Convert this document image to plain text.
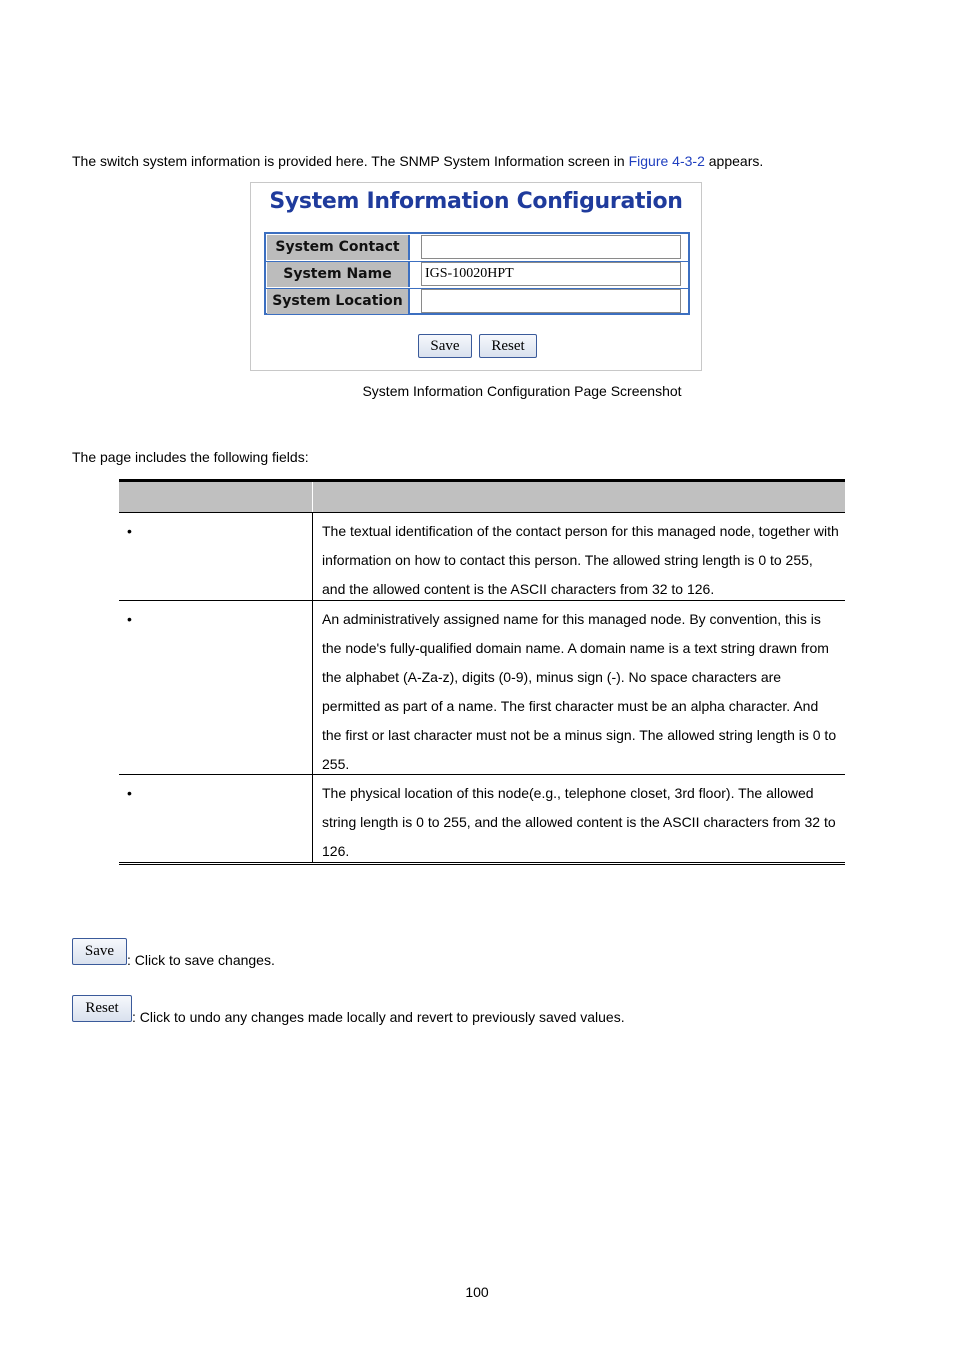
The switch system information is provided here. The SNMP System Information screen in Figure 4-3-2 appears.
System Information Configuration
System Contact
System Name	IGS-10020HPT
System Location
Save	Reset
System Information Configuration Page Screenshot
The page includes the following fields:
•	The textual identification of the contact person for this managed node, together with information on how to contact this person. The allowed string length is 0 to 255, and the allowed content is the ASCII characters from 32 to 126.
•	An administratively assigned name for this managed node. By convention, this is the node's fully-qualified domain name. A domain name is a text string drawn from the alphabet (A-Za-z), digits (0-9), minus sign (-). No space characters are permitted as part of a name. The first character must be an alpha character. And the first or last character must not be a minus sign. The allowed string length is 0 to 255.
•	The physical location of this node(e.g., telephone closet, 3rd floor). The allowed string length is 0 to 255, and the allowed content is the ASCII characters from 32 to 126.
Save
: Click to save changes.
Reset
: Click to undo any changes made locally and revert to previously saved values.
100
